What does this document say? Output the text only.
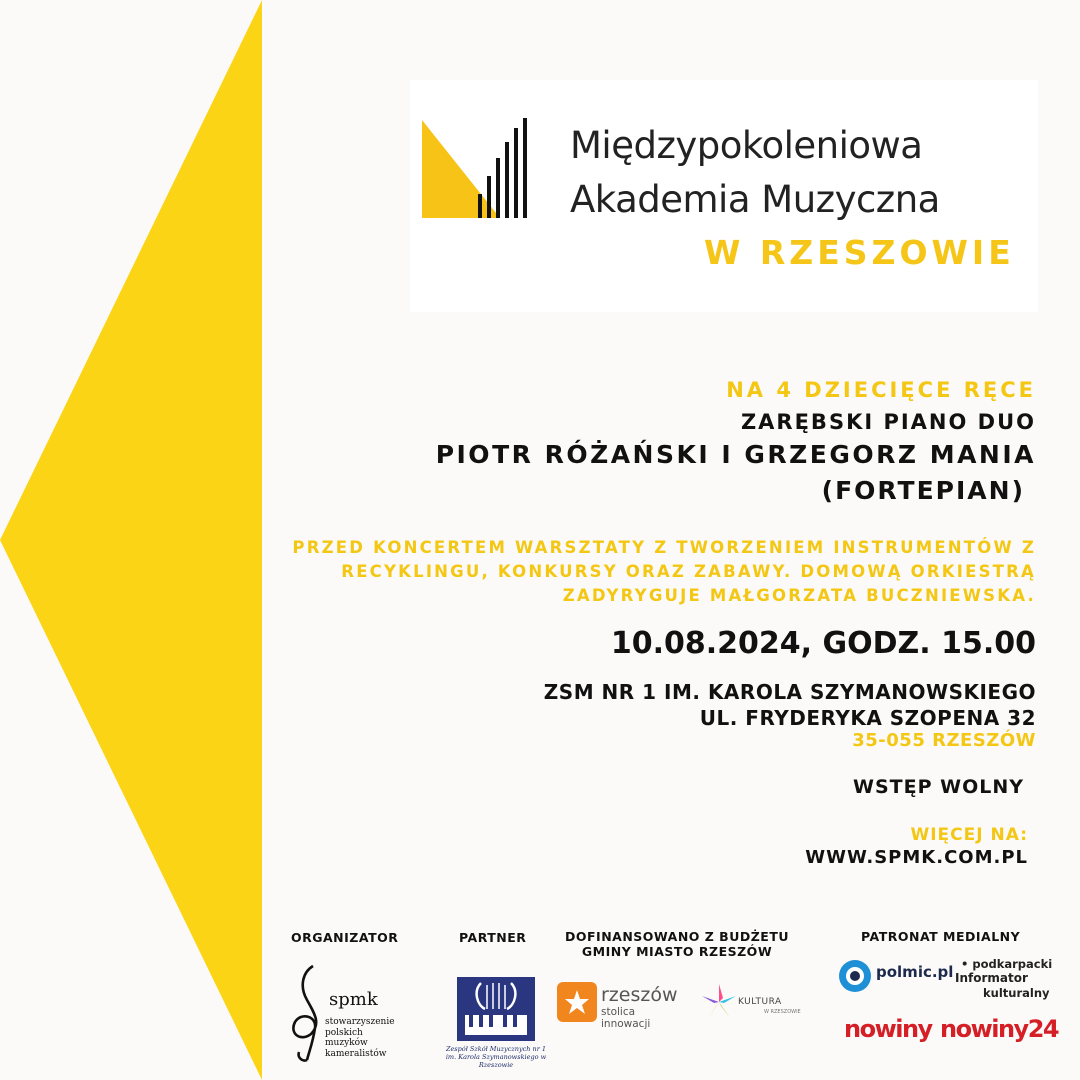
Międzypokoleniowa
Akademia Muzyczna
W RZESZOWIE
NA 4 DZIECIĘCE RĘCE
ZARĘBSKI PIANO DUO
PIOTR RÓŻAŃSKI I GRZEGORZ MANIA
(FORTEPIAN)
PRZED KONCERTEM WARSZTATY Z TWORZENIEM INSTRUMENTÓW Z
RECYKLINGU, KONKURSY ORAZ ZABAWY. DOMOWĄ ORKIESTRĄ
ZADYRYGUJE MAŁGORZATA BUCZNIEWSKA.
10.08.2024, GODZ. 15.00
ZSM NR 1 IM. KAROLA SZYMANOWSKIEGO
UL. FRYDERYKA SZOPENA 32
35-055 RZESZÓW
WSTĘP WOLNY
WIĘCEJ NA:
WWW.SPMK.COM.PL
ORGANIZATOR	PARTNER	DOFINANSOWANO Z BUDŻETU
GMINY MIASTO RZESZÓW
PATRONAT MEDIALNY
spmk
stowarzyszenie
polskich
muzyków
kameralistów	Zespół Szkół Muzycznych nr 1 im. Karola Szymanowskiego w Rzeszowie
rzeszów
stolica innowacji
KULTURA
W RZESZOWIE
polmic.pl • podkarpacki
Informator
kulturalny
nowiny nowiny24
